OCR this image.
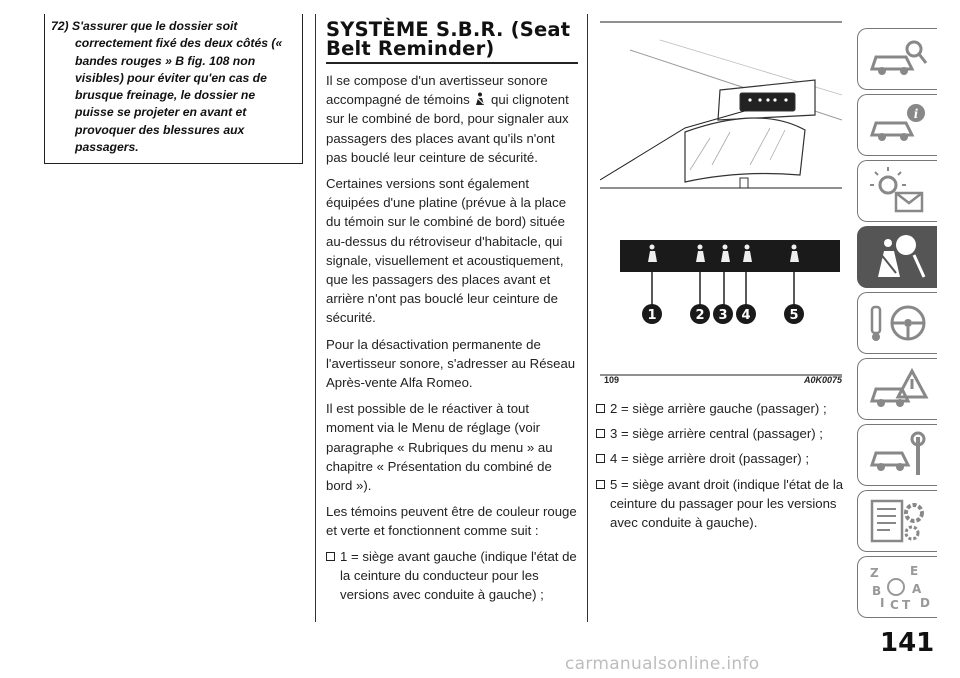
72) S'assurer que le dossier soit correctement fixé des deux côtés (« bandes rouges » B fig. 108 non visibles) pour éviter qu'en cas de brusque freinage, le dossier ne puisse se projeter en avant et provoquer des blessures aux passagers.
SYSTÈME S.B.R. (Seat Belt Reminder)

Il se compose d'un avertisseur sonore accompagné de témoins qui clignotent sur le combiné de bord, pour signaler aux passagers des places avant qu'ils n'ont pas bouclé leur ceinture de sécurité.

Certaines versions sont également équipées d'une platine (prévue à la place du témoin sur le combiné de bord) située au-dessus du rétroviseur d'habitacle, qui signale, visuellement et acoustiquement, que les passagers des places avant et arrière n'ont pas bouclé leur ceinture de sécurité.

Pour la désactivation permanente de l'avertisseur sonore, s'adresser au Réseau Après-vente Alfa Romeo.

Il est possible de le réactiver à tout moment via le Menu de réglage (voir paragraphe « Rubriques du menu » au chapitre « Présentation du combiné de bord »).

Les témoins peuvent être de couleur rouge et verte et fonctionnent comme suit :

1 = siège avant gauche (indique l'état de la ceinture du conducteur pour les versions avec conduite à gauche) ;

1	2 3 4	5
109	A0K0075

2 = siège arrière gauche (passager) ;

3 = siège arrière central (passager) ;

4 = siège arrière droit (passager) ;

5 = siège avant droit (indique l'état de la ceinture du passager pour les versions avec conduite à gauche).

i
Z	E
B	A
I C T D
141
carmanualsonline.info
